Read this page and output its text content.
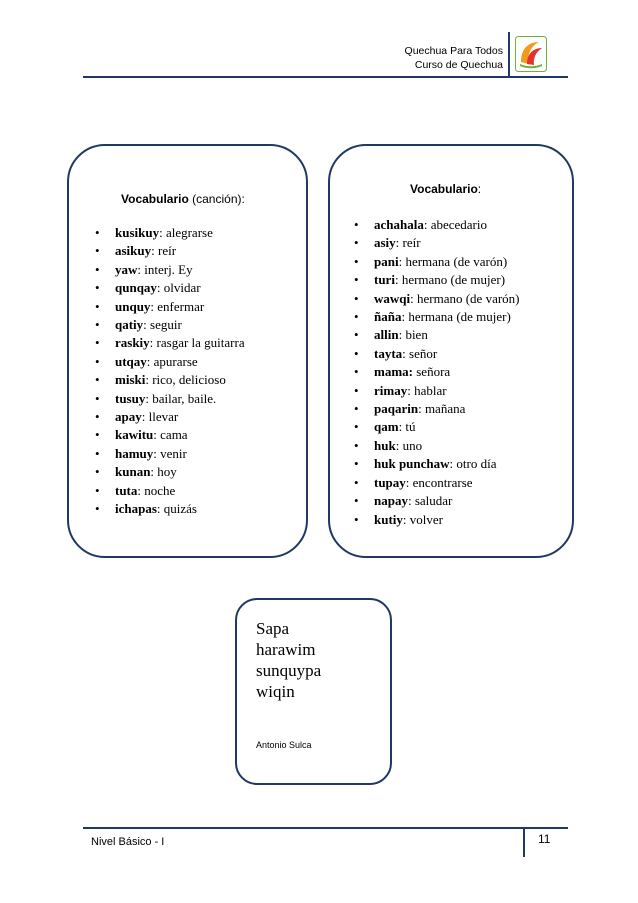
Quechua Para Todos
Curso de Quechua
Vocabulario (canción):
• kusikuy: alegrarse
• asikuy: reír
• yaw: interj. Ey
• qunqay: olvidar
• unquy: enfermar
• qatiy: seguir
• raskiy: rasgar la guitarra
• utqay: apurarse
• miski: rico, delicioso
• tusuy: bailar, baile.
• apay: llevar
• kawitu: cama
• hamuy: venir
• kunan: hoy
• tuta: noche
• ichapas: quizás
Vocabulario:
• achahala: abecedario
• asiy: reír
• pani: hermana (de varón)
• turi: hermano (de mujer)
• wawqi: hermano (de varón)
• ñaña: hermana (de mujer)
• allin: bien
• tayta: señor
• mama: señora
• rimay: hablar
• paqarin: mañana
• qam: tú
• huk: uno
• huk punchaw: otro día
• tupay: encontrarse
• napay: saludar
• kutiy: volver
Sapa
harawim
sunquypa
wiqin
Antonio Sulca
Nivel Básico - I	11
